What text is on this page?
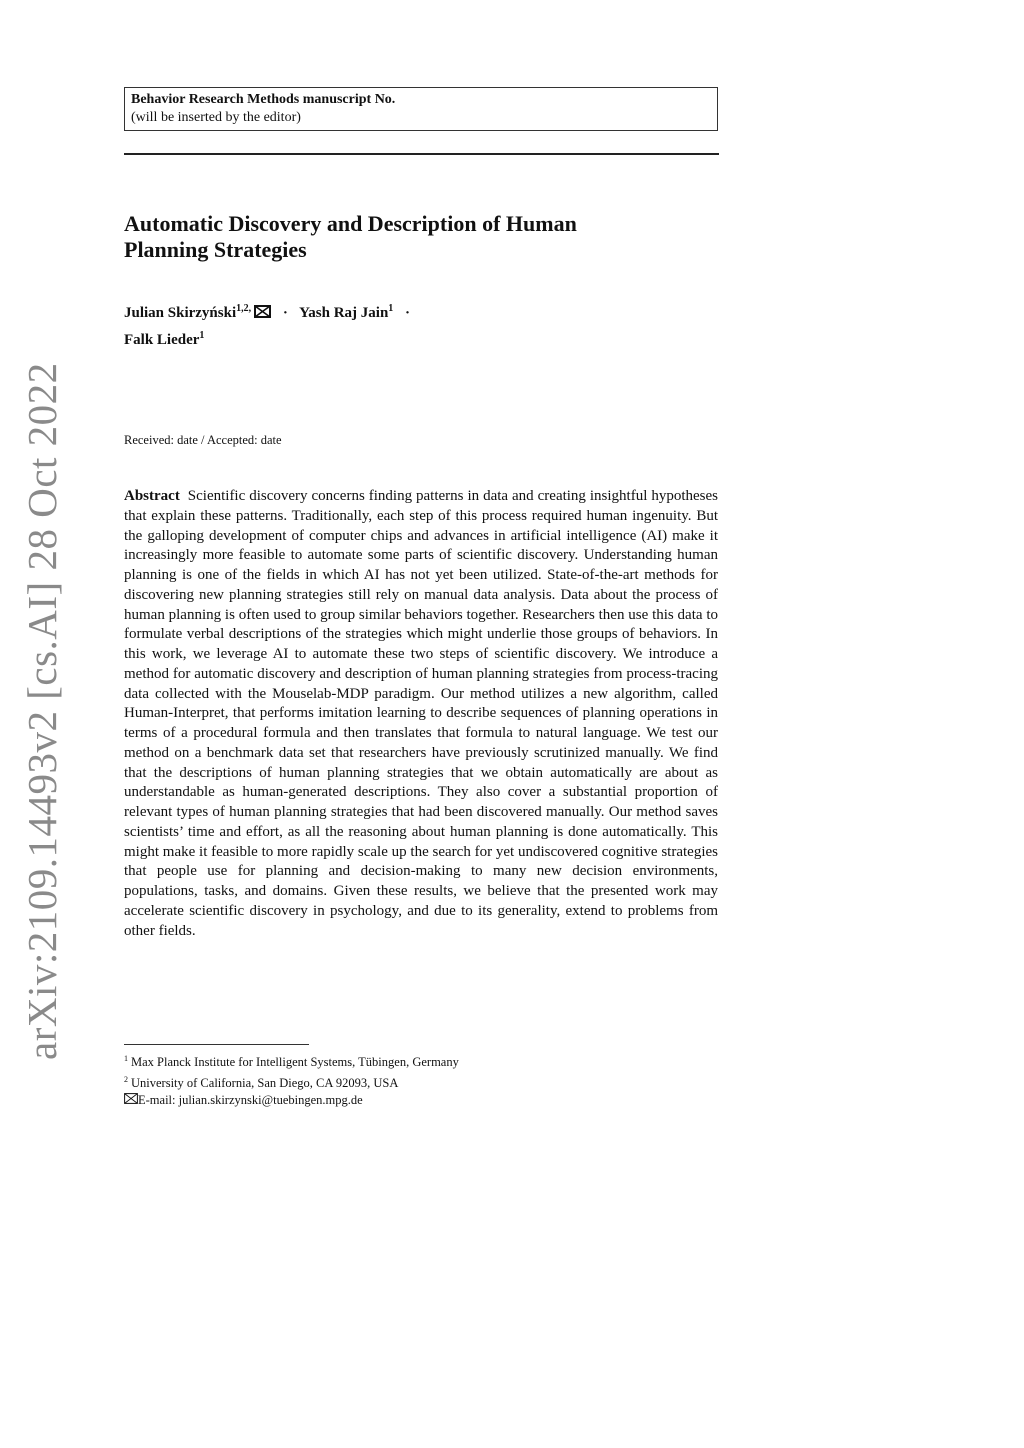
arXiv:2109.14493v2 [cs.AI] 28 Oct 2022
Behavior Research Methods manuscript No.
(will be inserted by the editor)
Automatic Discovery and Description of Human
Planning Strategies
Julian Skirzyński$^{1,2,}$ · Yash Raj Jain$^1$ ·
Falk Lieder$^1$
Received: date / Accepted: date
Abstract Scientific discovery concerns finding patterns in data and creating insightful hypotheses that explain these patterns. Traditionally, each step of this process required human ingenuity. But the galloping development of computer chips and advances in artificial intelligence (AI) make it increasingly more feasible to automate some parts of scientific discovery. Understanding human planning is one of the fields in which AI has not yet been utilized. State-of-the-art methods for discovering new planning strategies still rely on manual data analysis. Data about the process of human planning is often used to group similar behaviors together. Researchers then use this data to formulate verbal descriptions of the strategies which might underlie those groups of behaviors. In this work, we leverage AI to automate these two steps of scientific discovery. We introduce a method for automatic discovery and description of human planning strategies from process-tracing data collected with the Mouselab-MDP paradigm. Our method utilizes a new algorithm, called Human-Interpret, that performs imitation learning to describe sequences of planning operations in terms of a procedural formula and then translates that formula to natural language. We test our method on a benchmark data set that researchers have previously scrutinized manually. We find that the descriptions of human planning strategies that we obtain automatically are about as understandable as human-generated descriptions. They also cover a substantial proportion of relevant types of human planning strategies that had been discovered manually. Our method saves scientists’ time and effort, as all the reasoning about human planning is done automatically. This might make it feasible to more rapidly scale up the search for yet undiscovered cognitive strategies that people use for planning and decision-making to many new decision environments, populations, tasks, and domains. Given these results, we believe that the presented work may accelerate scientific discovery in psychology, and due to its generality, extend to problems from other fields.
$^1$ Max Planck Institute for Intelligent Systems, Tübingen, Germany
$^2$ University of California, San Diego, CA 92093, USA
E-mail: julian.skirzynski@tuebingen.mpg.de
